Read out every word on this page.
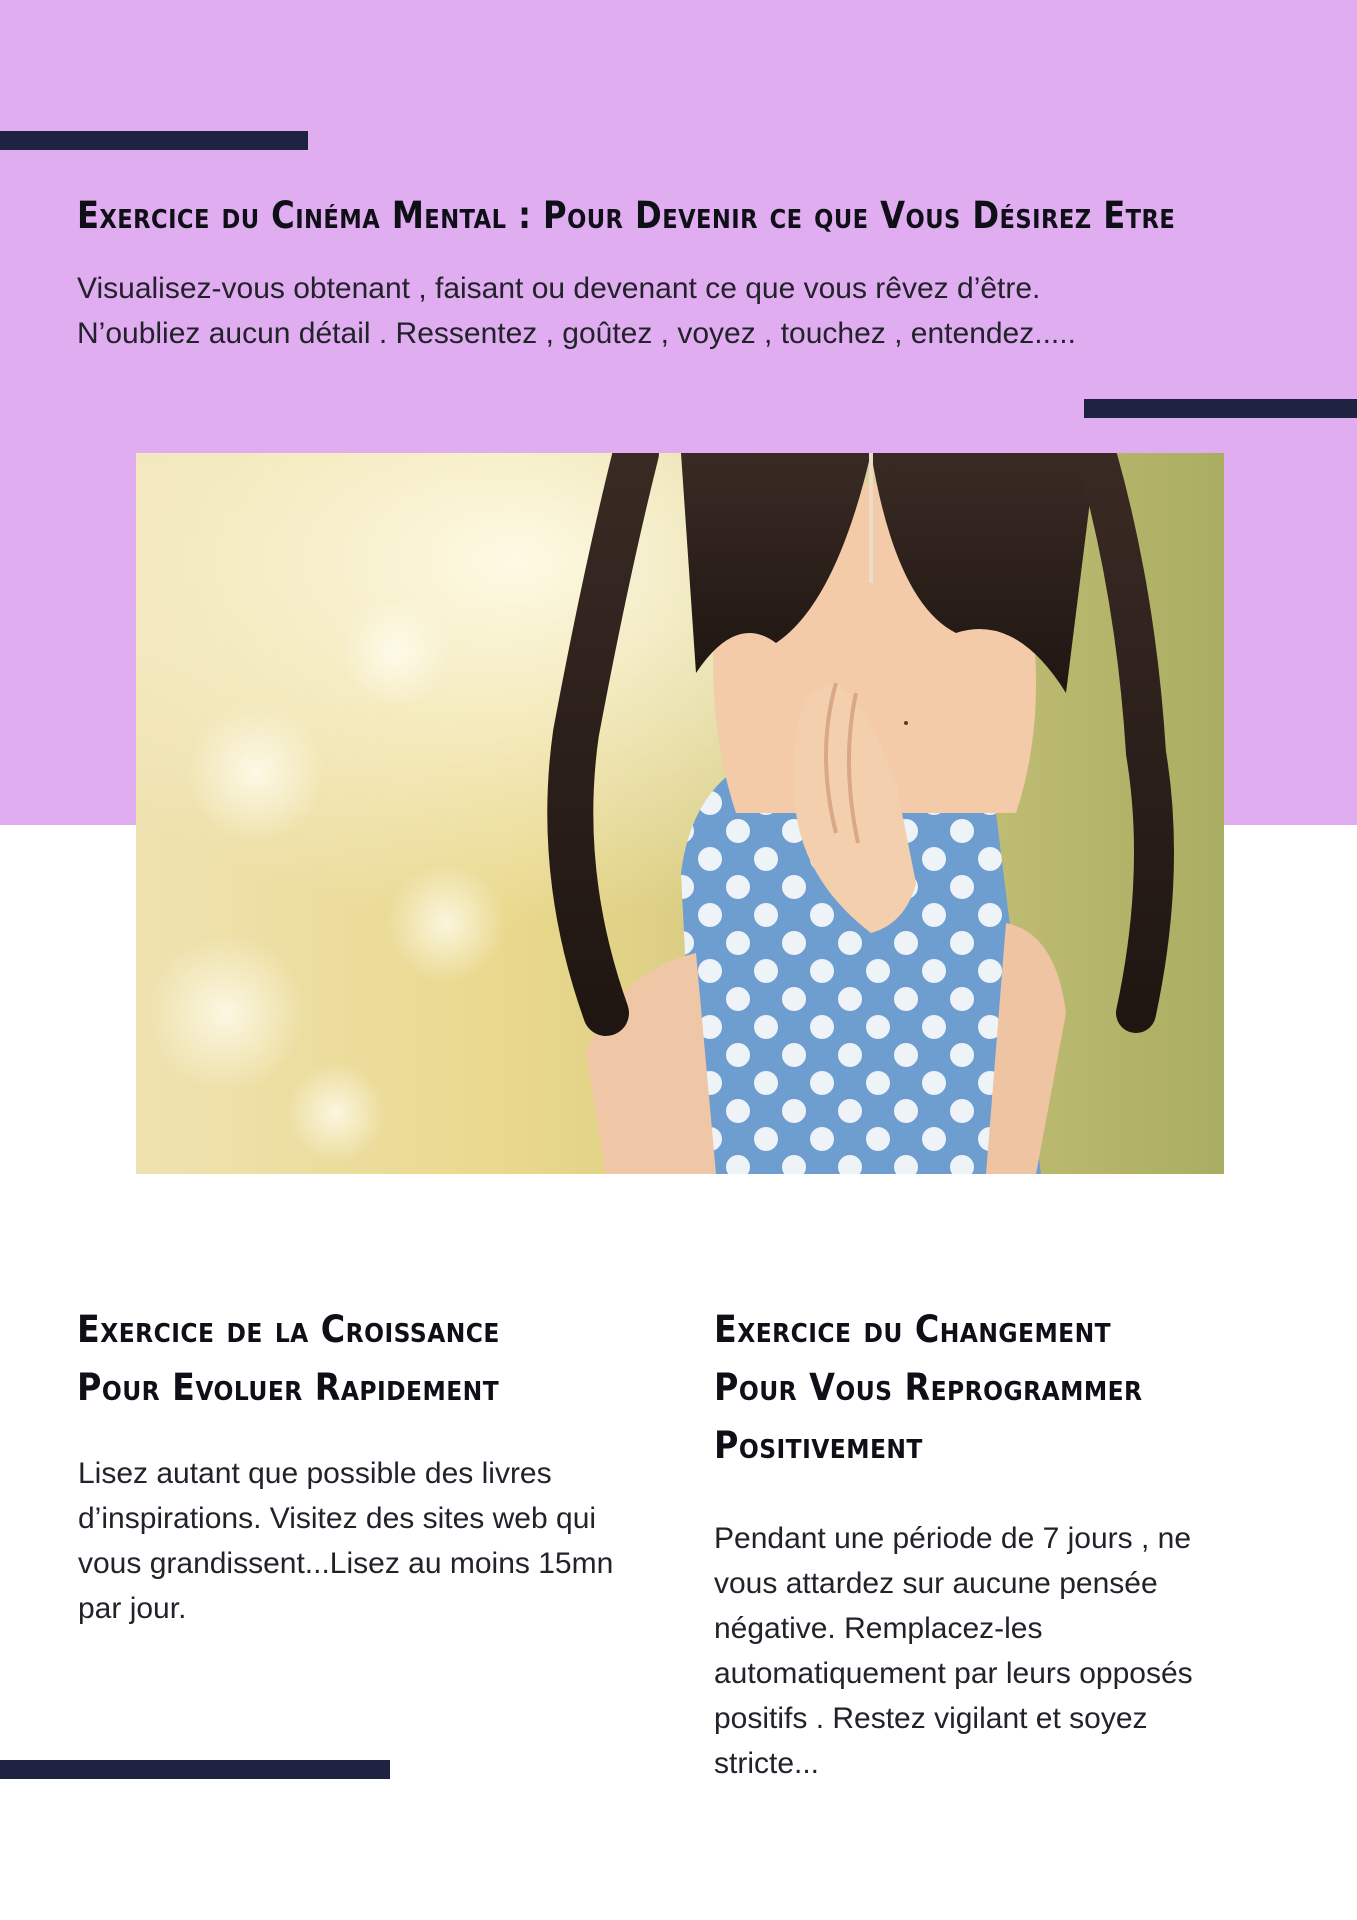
Exercice du Cinéma Mental : Pour Devenir ce que Vous Désirez Etre

Visualisez-vous obtenant , faisant ou devenant ce que vous rêvez d’être.
N’oubliez aucun détail . Ressentez , goûtez , voyez , touchez , entendez.....

Exercice de la Croissance
Pour Evoluer Rapidement

Lisez autant que possible des livres d’inspirations. Visitez des sites web qui vous grandissent...Lisez au moins 15mn par jour.

Exercice du Changement
Pour Vous Reprogrammer
Positivement

Pendant une période de 7 jours , ne vous attardez sur aucune pensée négative. Remplacez-les automatiquement par leurs opposés positifs . Restez vigilant et soyez stricte...
